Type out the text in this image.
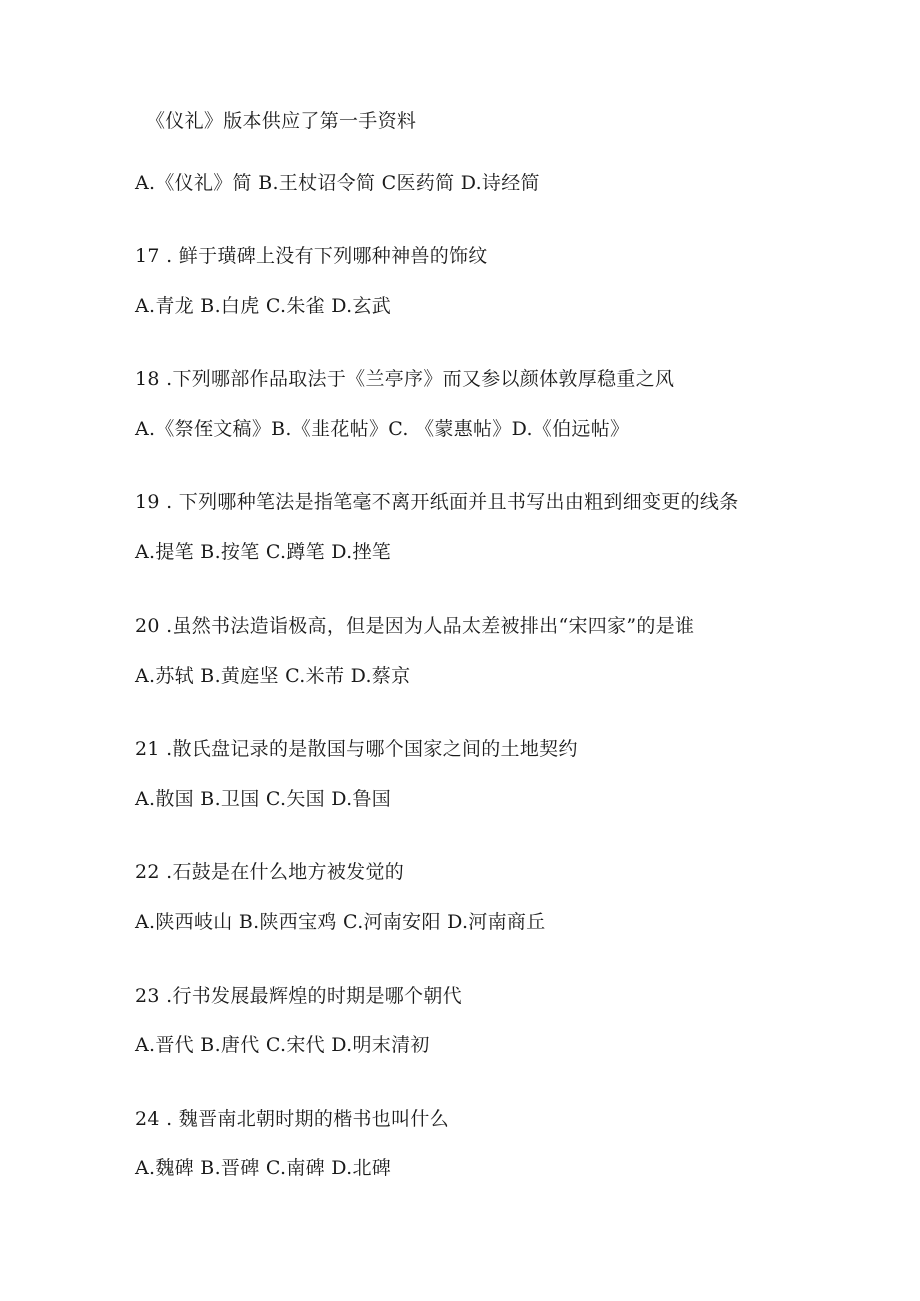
《仪礼》版本供应了第一手资料
A.《仪礼》简 B.王杖诏令简 C医药简 D.诗经简
17 . 鲜于璜碑上没有下列哪种神兽的饰纹
A.青龙 B.白虎 C.朱雀 D.玄武
18 .下列哪部作品取法于《兰亭序》而又参以颜体敦厚稳重之风
A.《祭侄文稿》B.《韭花帖》C. 《蒙惠帖》D.《伯远帖》
19 . 下列哪种笔法是指笔毫不离开纸面并且书写出由粗到细变更的线条
A.提笔 B.按笔 C.蹲笔 D.挫笔
20 .虽然书法造诣极高，但是因为人品太差被排出“宋四家”的是谁
A.苏轼 B.黄庭坚 C.米芾 D.蔡京
21 .散氏盘记录的是散国与哪个国家之间的土地契约
A.散国 B.卫国 C.矢国 D.鲁国
22 .石鼓是在什么地方被发觉的
A.陕西岐山 B.陕西宝鸡 C.河南安阳 D.河南商丘
23 .行书发展最辉煌的时期是哪个朝代
A.晋代 B.唐代 C.宋代 D.明末清初
24 . 魏晋南北朝时期的楷书也叫什么
A.魏碑 B.晋碑 C.南碑 D.北碑
